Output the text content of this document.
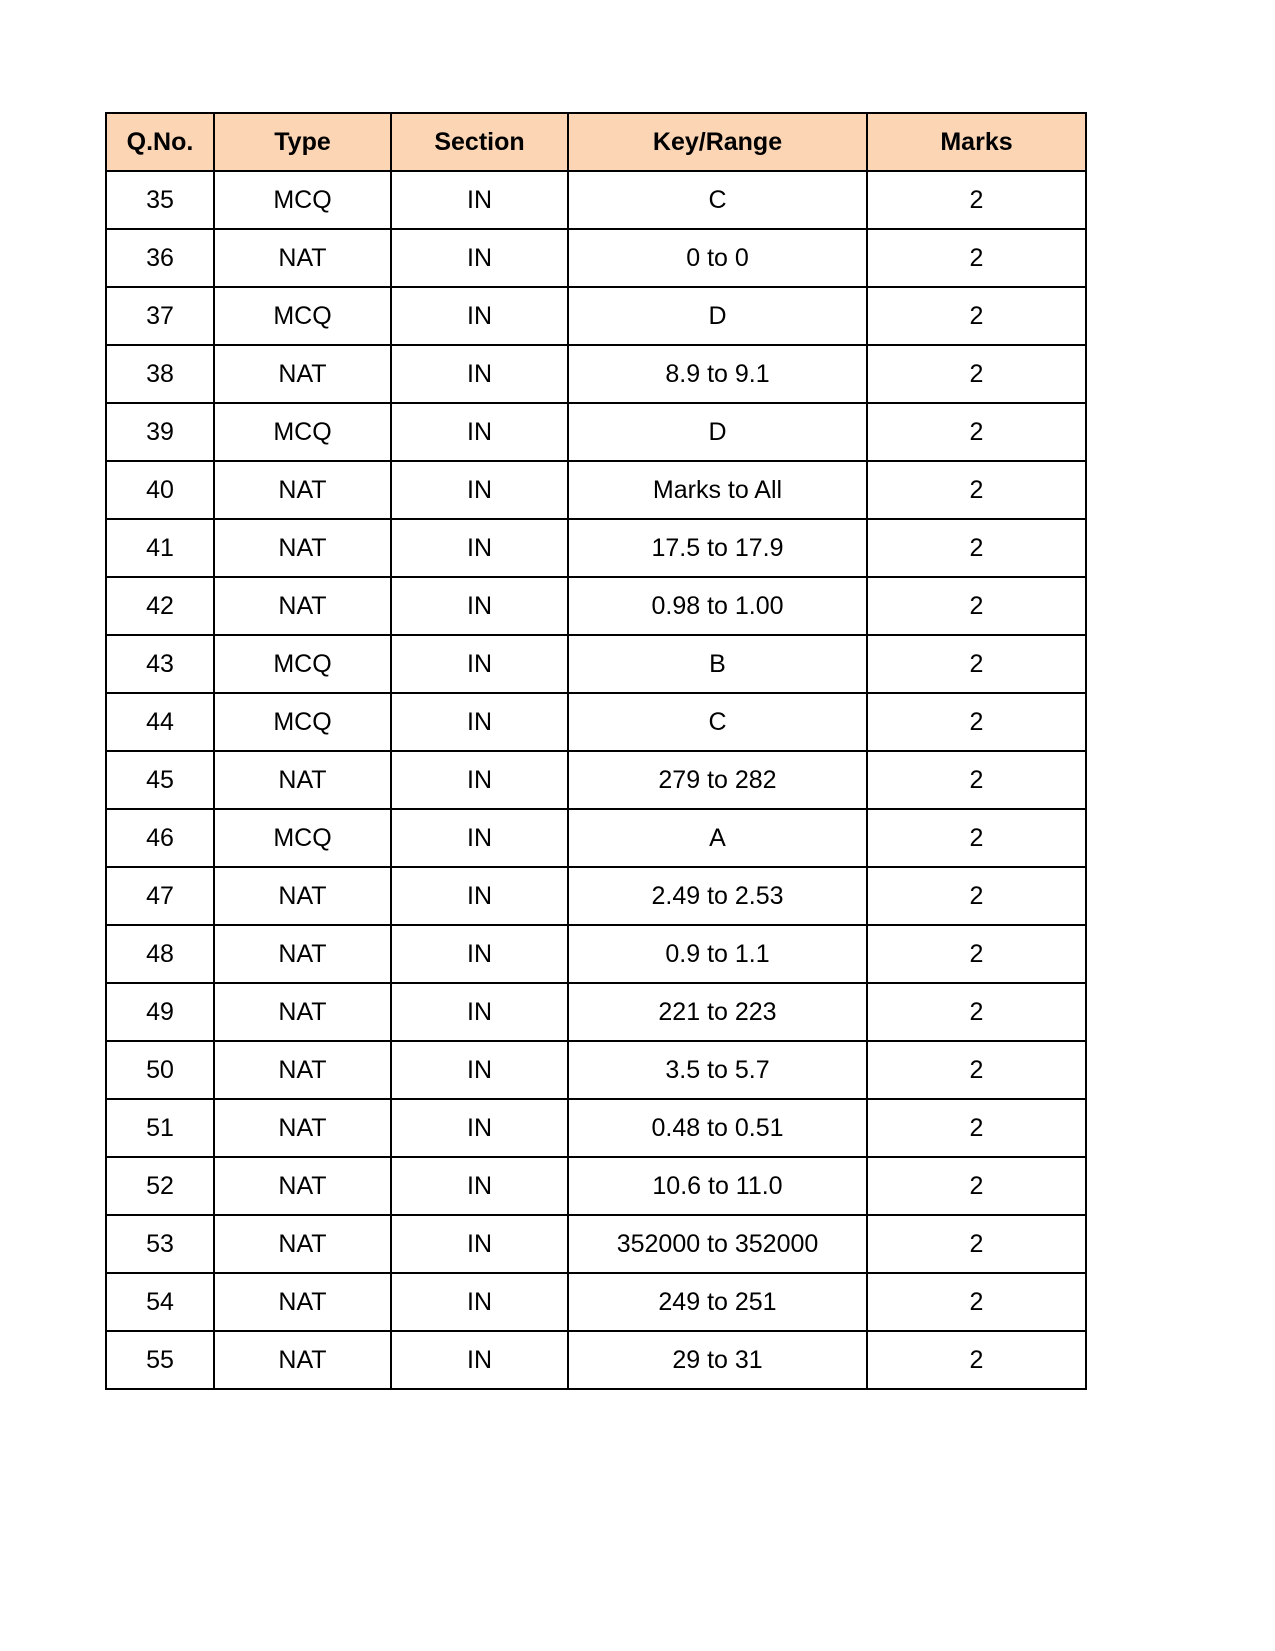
Q.No.	Type	Section	Key/Range	Marks
35	MCQ	IN	C	2
36	NAT	IN	0 to 0	2
37	MCQ	IN	D	2
38	NAT	IN	8.9 to 9.1	2
39	MCQ	IN	D	2
40	NAT	IN	Marks to All	2
41	NAT	IN	17.5 to 17.9	2
42	NAT	IN	0.98 to 1.00	2
43	MCQ	IN	B	2
44	MCQ	IN	C	2
45	NAT	IN	279 to 282	2
46	MCQ	IN	A	2
47	NAT	IN	2.49 to 2.53	2
48	NAT	IN	0.9 to 1.1	2
49	NAT	IN	221 to 223	2
50	NAT	IN	3.5 to 5.7	2
51	NAT	IN	0.48 to 0.51	2
52	NAT	IN	10.6 to 11.0	2
53	NAT	IN	352000 to 352000	2
54	NAT	IN	249 to 251	2
55	NAT	IN	29 to 31	2
